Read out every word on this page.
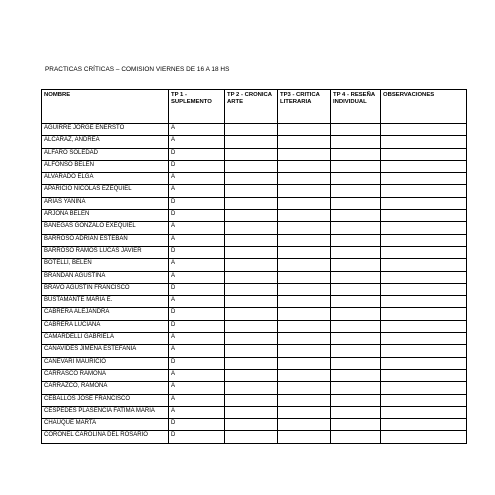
PRACTICAS CRÍTICAS – COMISION VIERNES DE 16 A 18 HS
NOMBRE	TP 1 - SUPLEMENTO	TP 2 - CRONICA ARTE	TP3 - CRITICA LITERARIA	TP 4 - RESEÑA INDIVIDUAL	OBSERVACIONES
AGUIRRE JORGE ENERSTO	A				
ALCARAZ, ANDREA	A				
ALFARO SOLEDAD	D				
ALFONSO BELEN	D				
ALVARADO ELGA	A				
APARICIO NICOLAS EZEQUIEL	A				
ARIAS YANINA	D				
ARJONA BELEN	D				
BANEGAS GONZALO EXEQUIEL	A				
BARROSO ADRIAN ESTEBAN	A				
BARROSO RAMOS LUCAS JAVIER	D				
BOTELLI, BELEN	A				
BRANDAN AGUSTINA	A				
BRAVO AGUSTIN FRANCISCO	D				
BUSTAMANTE MARIA E.	A				
CABRERA ALEJANDRA	D				
CABRERA LUCIANA	D				
CAMARDELLI GABRIELA	A				
CANAVIDES JIMENA ESTEFANIA	A				
CANEVARI MAURICIO	D				
CARRASCO RAMONA	A				
CARRAZCO, RAMONA	A				
CEBALLOS JOSE FRANCISCO	A				
CESPEDES PLASENCIA FATIMA MARIA	A				
CHAUQUE MARTA	D				
CORONEL CAROLINA DEL ROSARIO	D				
